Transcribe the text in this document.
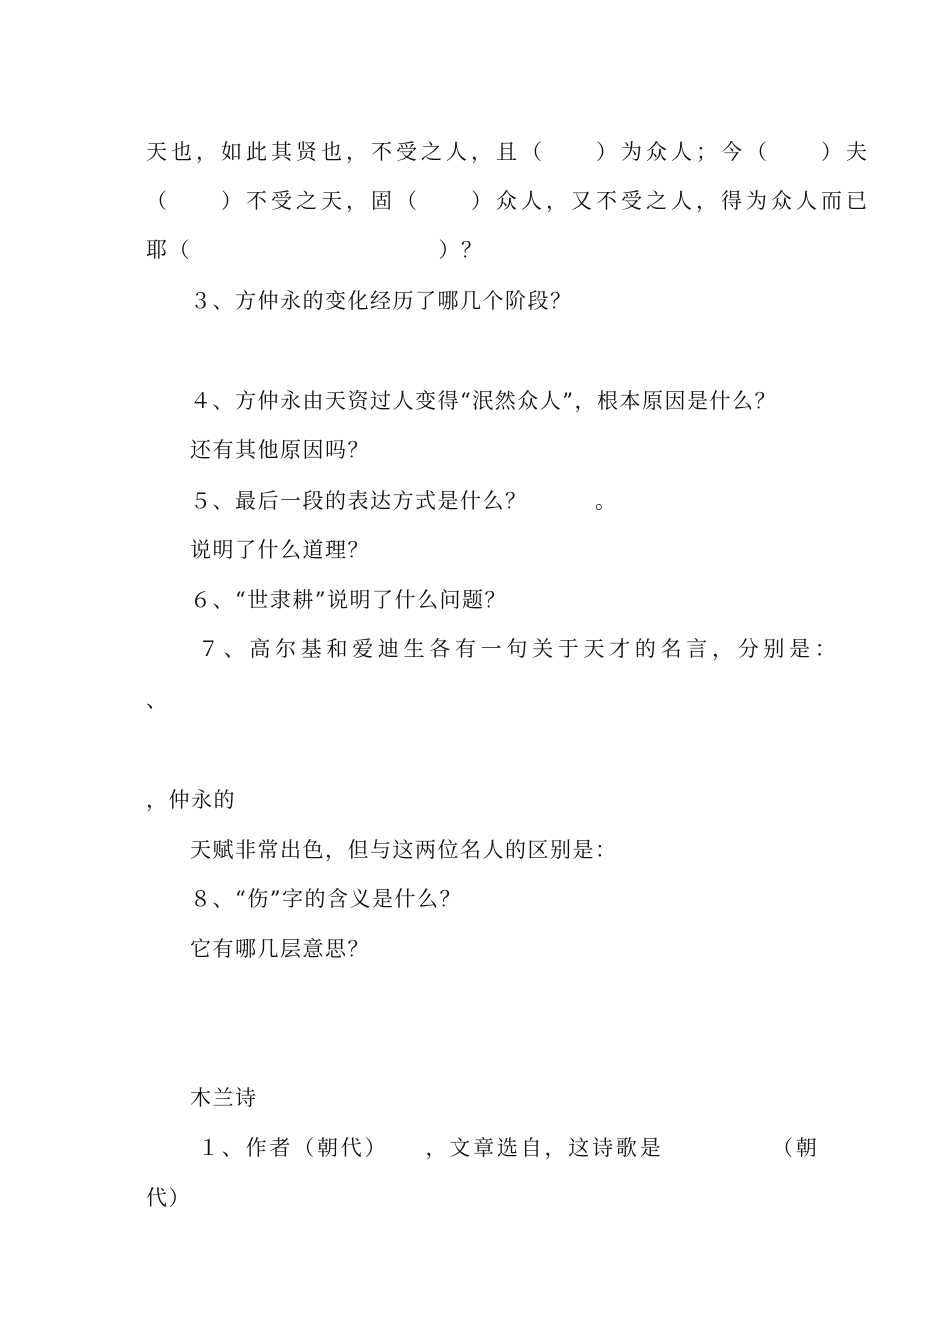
天也，如此其贤也，不受之人，且（　　）为众人；今（　　）夫

（　　）不受之天，固（　　）众人，又不受之人，得为众人而已

耶（　　　　　　　　　　　）？

３、方仲永的变化经历了哪几个阶段？

４、方仲永由天资过人变得“泯然众人”，根本原因是什么？

还有其他原因吗？

５、最后一段的表达方式是什么？　　　。

说明了什么道理？

６、“世隶耕”说明了什么问题？

７、高尔基和爱迪生各有一句关于天才的名言，分别是：

、

，仲永的

天赋非常出色，但与这两位名人的区别是：

８、“伤”字的含义是什么？

它有哪几层意思？

木兰诗

１、作者（朝代）　　，文章选自，这诗歌是　　　　　（朝

代）
